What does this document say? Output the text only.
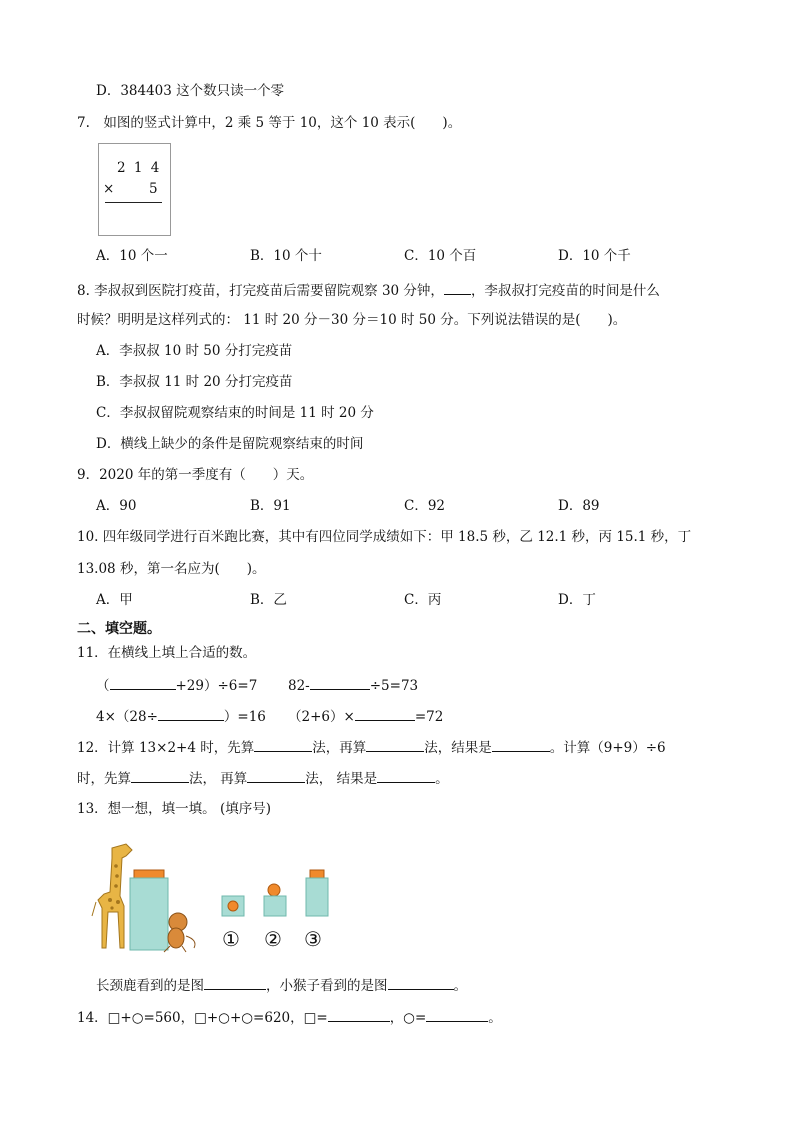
D．384403 这个数只读一个零
7.　如图的竖式计算中，2 乘 5 等于 10，这个 10 表示(　　)。
2 1 4
×	5
A．10 个一	B．10 个十	C．10 个百	D．10 个千
8. 李叔叔到医院打疫苗，打完疫苗后需要留院观察 30 分钟， ，李叔叔打完疫苗的时间是什么
时候？明明是这样列式的： 11 时 20 分－30 分＝10 时 50 分。下列说法错误的是(　　)。
A．李叔叔 10 时 50 分打完疫苗
B．李叔叔 11 时 20 分打完疫苗
C．李叔叔留院观察结束的时间是 11 时 20 分
D．横线上缺少的条件是留院观察结束的时间
9．2020 年的第一季度有（　　）天。
A．90	B．91	C．92	D．89
10. 四年级同学进行百米跑比赛，其中有四位同学成绩如下：甲 18.5 秒，乙 12.1 秒，丙 15.1 秒，丁
13.08 秒，第一名应为(　　)。
A．甲	B．乙	C．丙	D．丁
二、填空题。
11．在横线上填上合适的数。
（	+29）÷6=7 82-	÷5=73
4×（28÷	）=16 （2+6）×	=72
12．计算 13×2+4 时，先算	法，再算	法，结果是	。计算（9+9）÷6
时，先算	法， 再算	法， 结果是	。
13．想一想，填一填。 (填序号)
① ② ③
长颈鹿看到的是图	，小猴子看到的是图	。
14．□+○=560，□+○+○=620，□=	，○=	。
